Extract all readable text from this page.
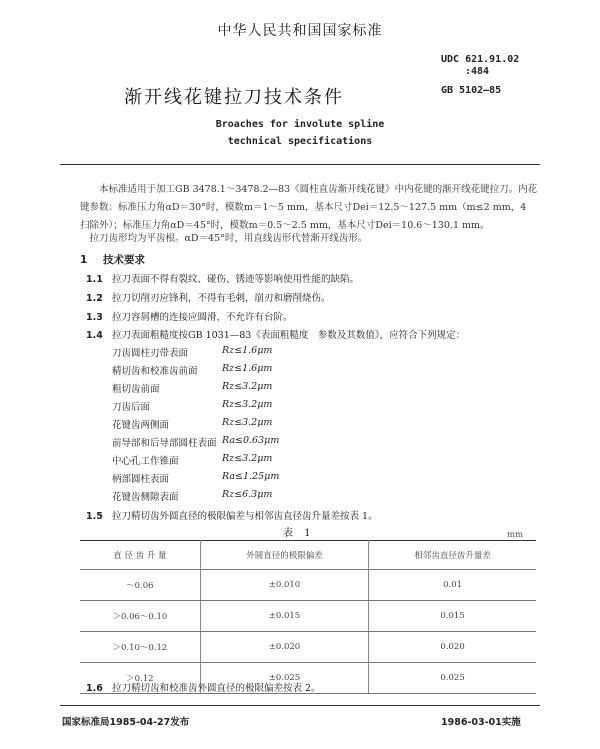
中华人民共和国国家标准
UDC 621.91.02
:484
渐开线花键拉刀技术条件	GB 5102—85
Broaches for involute spline
technical specifications
本标准适用于加工GB 3478.1～3478.2—83《圆柱直齿渐开线花键》中内花键的渐开线花键拉刀。内花键参数：标准压力角αD＝30°时，模数m＝1～5 mm，基本尺寸Dei＝12.5～127.5 mm（m≤2 mm，4 扫除外）；标准压力角αD＝45°时，模数m＝0.5～2.5 mm，基本尺寸Dei＝10.6～130.1 mm。
拉刀齿形均为平齿根。αD＝45°时，用直线齿形代替渐开线齿形。
1 技术要求
1.1 拉刀表面不得有裂纹、碰伤、锈迹等影响使用性能的缺陷。
1.2 拉刀切削刃应锋利，不得有毛刺，崩刃和磨削烧伤。
1.3 拉刀容屑槽的连接应圆滑，不允许有台阶。
1.4 拉刀表面粗糙度按GB 1031—83《表面粗糙度　参数及其数值》，应符合下列规定：
刀齿圆柱刃带表面	Rz≤1.6μm
精切齿和校准齿前面	Rz≤1.6μm
粗切齿前面	Rz≤3.2μm
刀齿后面	Rz≤3.2μm
花键齿两侧面	Rz≤3.2μm
前导部和后导部圆柱表面 Ra≤0.63μm
中心孔工作锥面	Rz≤3.2μm
柄部圆柱表面	Ra≤1.25μm
花键齿侧隙表面	Rz≤6.3μm
1.5 拉刀精切齿外圆直径的极限偏差与相邻齿直径齿升量差按表 1。
表 1	mm
直 径 齿 升 量	外圆直径的极限偏差	相邻齿直径齿升量差
～0.06	±0.010	0.01
＞0.06～0.10	±0.015	0.015
＞0.10～0.12	±0.020	0.020
＞0.12	±0.025	0.025
1.6 拉刀精切齿和校准齿外圆直径的极限偏差按表 2。
国家标准局1985-04-27发布	1986-03-01实施
